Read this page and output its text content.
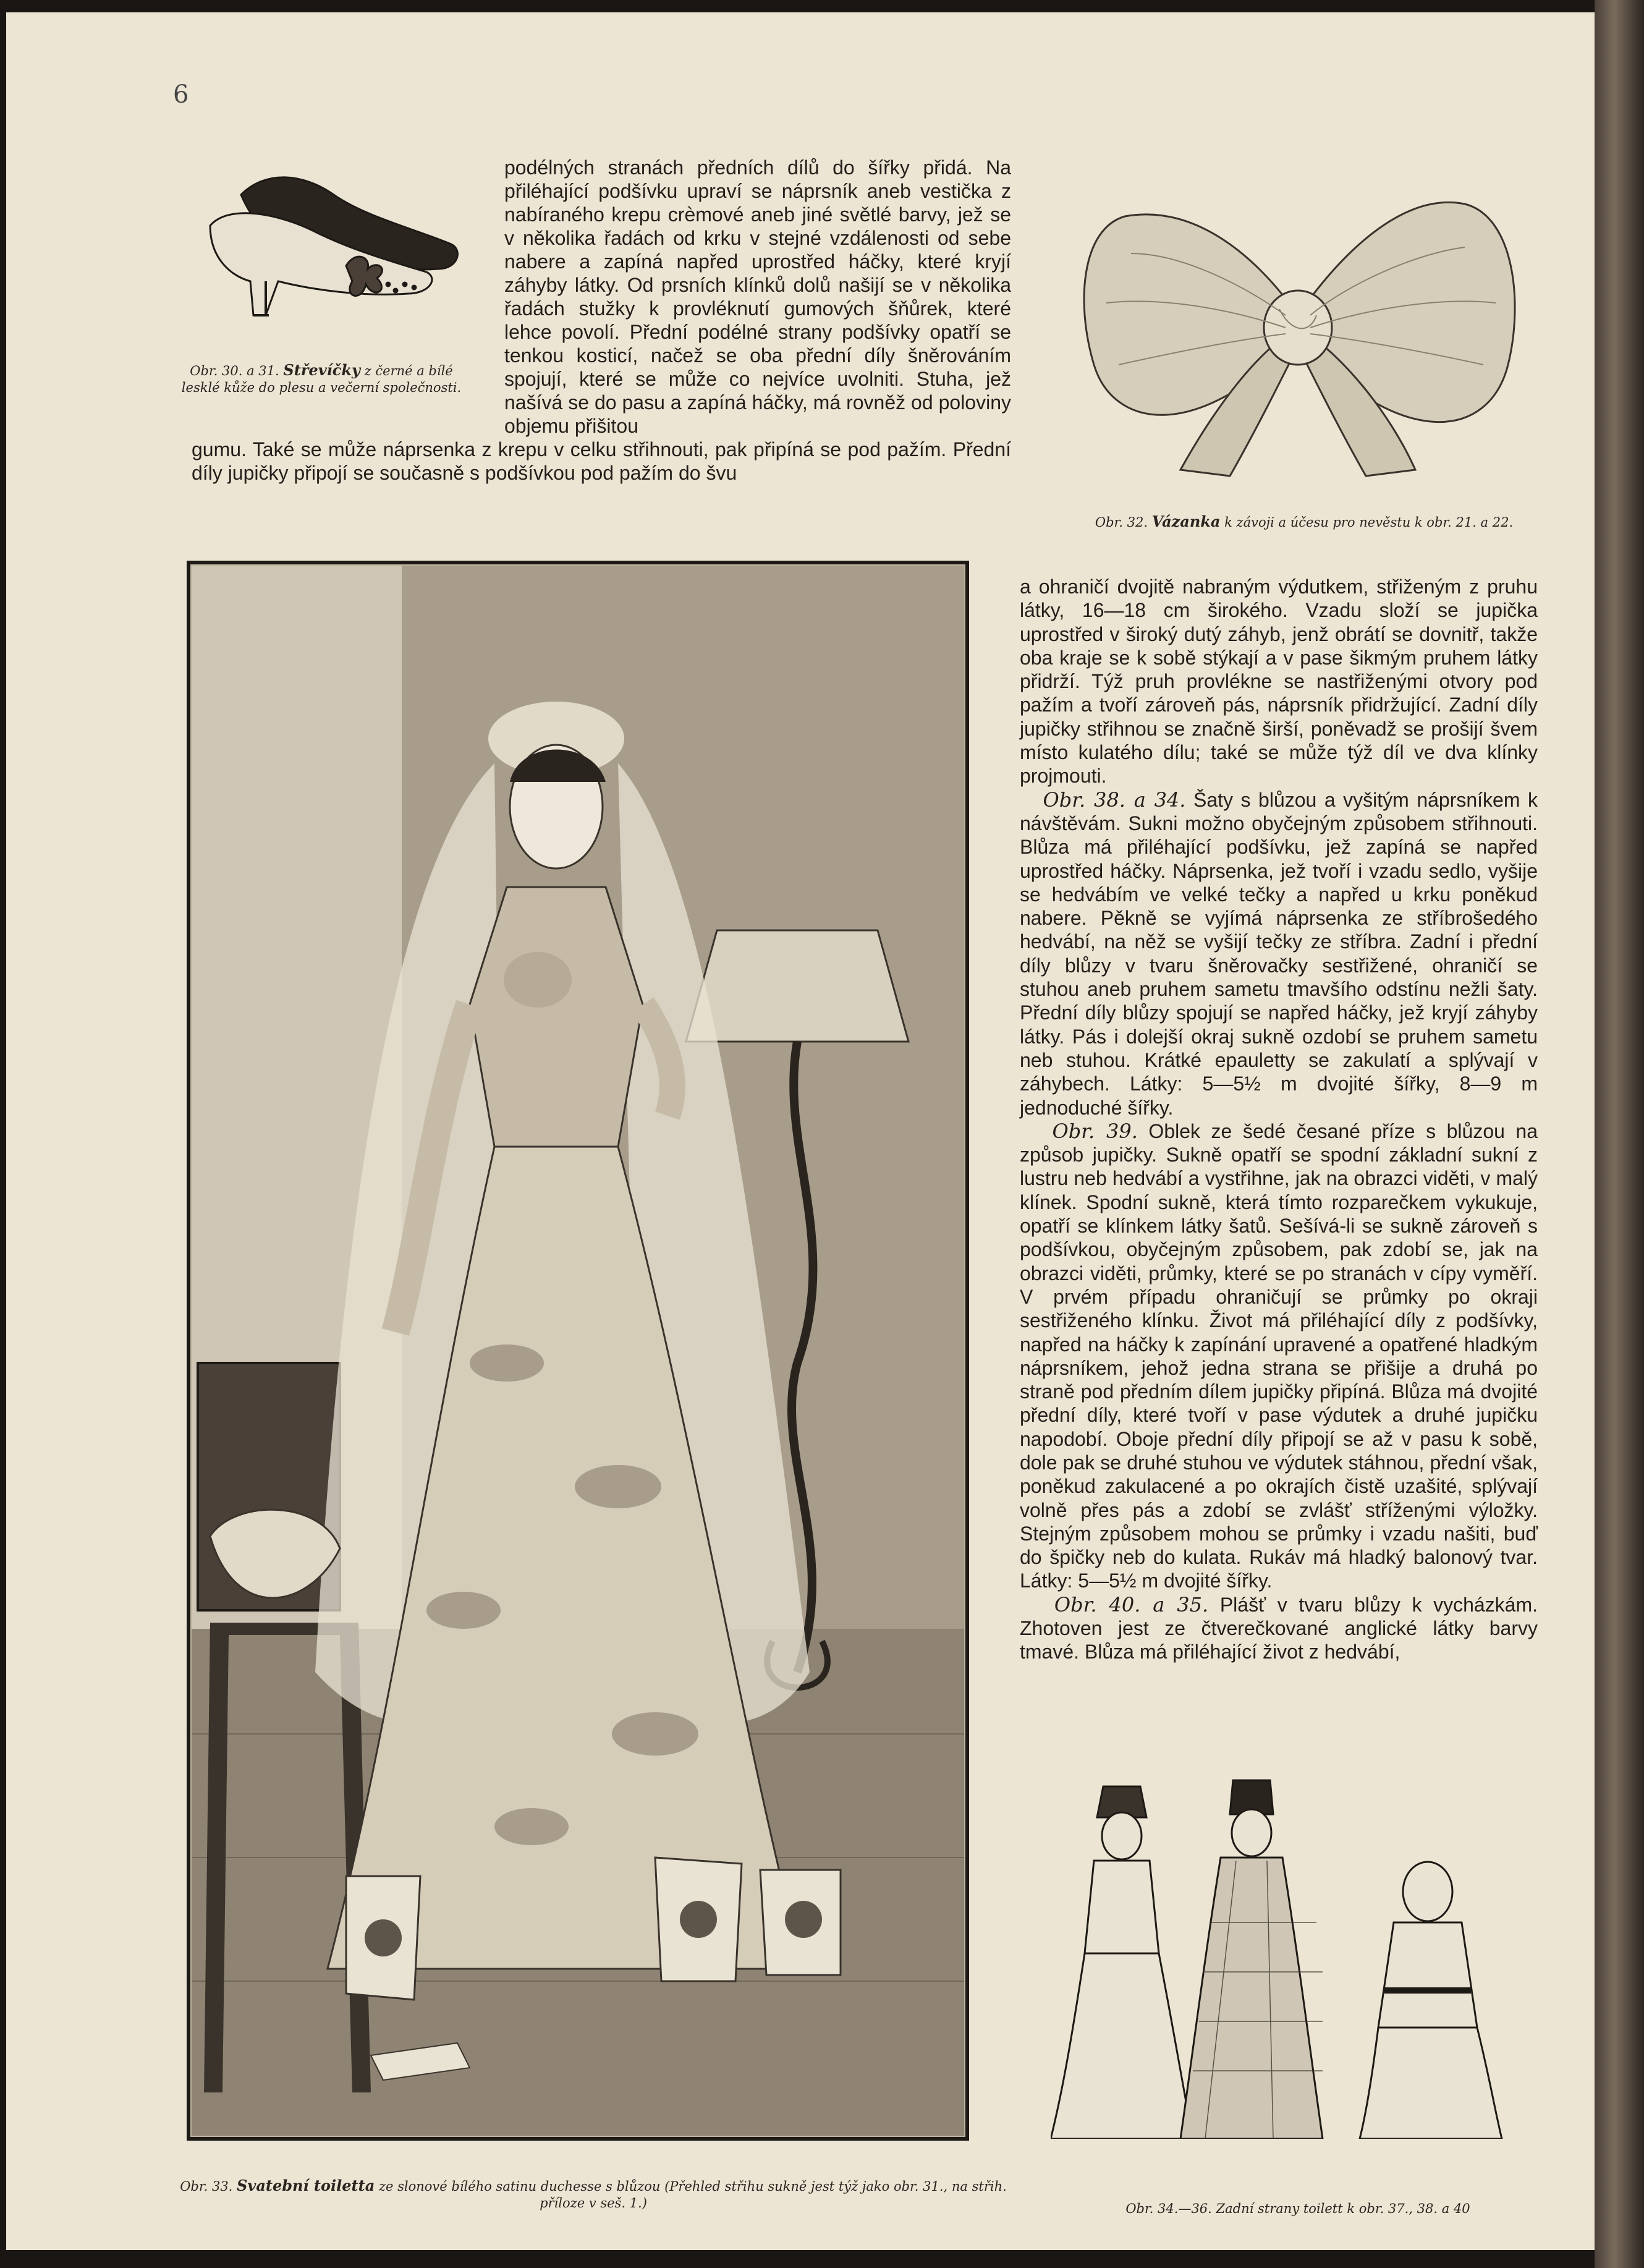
6

Obr. 30. a 31. Střevíčky z černé a bílé lesklé kůže do plesu a večerní společnosti.

podélných stranách předních dílů do šířky přidá. Na přiléhající podšívku upraví se náprsník aneb vestička z nabíraného krepu crèmové aneb jiné světlé barvy, jež se v několika řadách od krku v stejné vzdálenosti od sebe nabere a zapíná napřed uprostřed háčky, které kryjí záhyby látky. Od prsních klínků dolů našijí se v několika řadách stužky k provléknutí gumových šňůrek, které lehce povolí. Přední podélné strany podšívky opatří se tenkou kosticí, načež se oba přední díly šněrováním spojují, které se může co nejvíce uvolniti. Stuha, jež našívá se do pasu a zapíná háčky, má rovněž od poloviny objemu přišitou

gumu. Také se může náprsenka z krepu v celku střihnouti, pak připíná se pod pažím. Přední díly jupičky připojí se současně s podšívkou pod pažím do švu

Obr. 32. Vázanka k závoji a účesu pro nevěstu k obr. 21. a 22.

Obr. 33. Svatební toiletta ze slonové bílého satinu duchesse s blůzou (Přehled střihu sukně jest týž jako obr. 31., na střih. příloze v seš. 1.)

a ohraničí dvojitě nabraným výdutkem, střiženým z pruhu látky, 16—18 cm širokého. Vzadu složí se jupička uprostřed v široký dutý záhyb, jenž obrátí se dovnitř, takže oba kraje se k sobě stýkají a v pase šikmým pruhem látky přidrží. Týž pruh provlékne se nastřiženými otvory pod pažím a tvoří zároveň pás, náprsník přidržující. Zadní díly jupičky střihnou se značně širší, poněvadž se prošijí švem místo kulatého dílu; také se může týž díl ve dva klínky projmouti.
Obr. 38. a 34. Šaty s blůzou a vyšitým náprsníkem k návštěvám. Sukni možno obyčejným způsobem střihnouti. Blůza má přiléhající podšívku, jež zapíná se napřed uprostřed háčky. Náprsenka, jež tvoří i vzadu sedlo, vyšije se hedvábím ve velké tečky a napřed u krku poněkud nabere. Pěkně se vyjímá náprsenka ze stříbrošedého hedvábí, na něž se vyšijí tečky ze stříbra. Zadní i přední díly blůzy v tvaru šněrovačky sestřižené, ohraničí se stuhou aneb pruhem sametu tmavšího odstínu nežli šaty. Přední díly blůzy spojují se napřed háčky, jež kryjí záhyby látky. Pás i dolejší okraj sukně ozdobí se pruhem sametu neb stuhou. Krátké epauletty se zakulatí a splývají v záhybech. Látky: 5—5½ m dvojité šířky, 8—9 m jednoduché šířky.
Obr. 39. Oblek ze šedé česané příze s blůzou na způsob jupičky. Sukně opatří se spodní základní sukní z lustru neb hedvábí a vystřihne, jak na obrazci viděti, v malý klínek. Spodní sukně, která tímto rozparečkem vykukuje, opatří se klínkem látky šatů. Sešívá-li se sukně zároveň s podšívkou, obyčejným způsobem, pak zdobí se, jak na obrazci viděti, průmky, které se po stranách v cípy vyměří. V prvém případu ohraničují se průmky po okraji sestřiženého klínku. Život má přiléhající díly z podšívky, napřed na háčky k zapínání upravené a opatřené hladkým náprsníkem, jehož jedna strana se přišije a druhá po straně pod předním dílem jupičky připíná. Blůza má dvojité přední díly, které tvoří v pase výdutek a druhé jupičku napodobí. Oboje přední díly připojí se až v pasu k sobě, dole pak se druhé stuhou ve výdutek stáhnou, přední však, poněkud zakulacené a po okrajích čistě uzašité, splývají volně přes pás a zdobí se zvlášť stříženými výložky. Stejným způsobem mohou se průmky i vzadu našiti, buď do špičky neb do kulata. Rukáv má hladký balonový tvar. Látky: 5—5½ m dvojité šířky.
Obr. 40. a 35. Plášť v tvaru blůzy k vycházkám. Zhotoven jest ze čtverečkované anglické látky barvy tmavé. Blůza má přiléhající život z hedvábí,

Obr. 34.—36. Zadní strany toilett k obr. 37., 38. a 40
